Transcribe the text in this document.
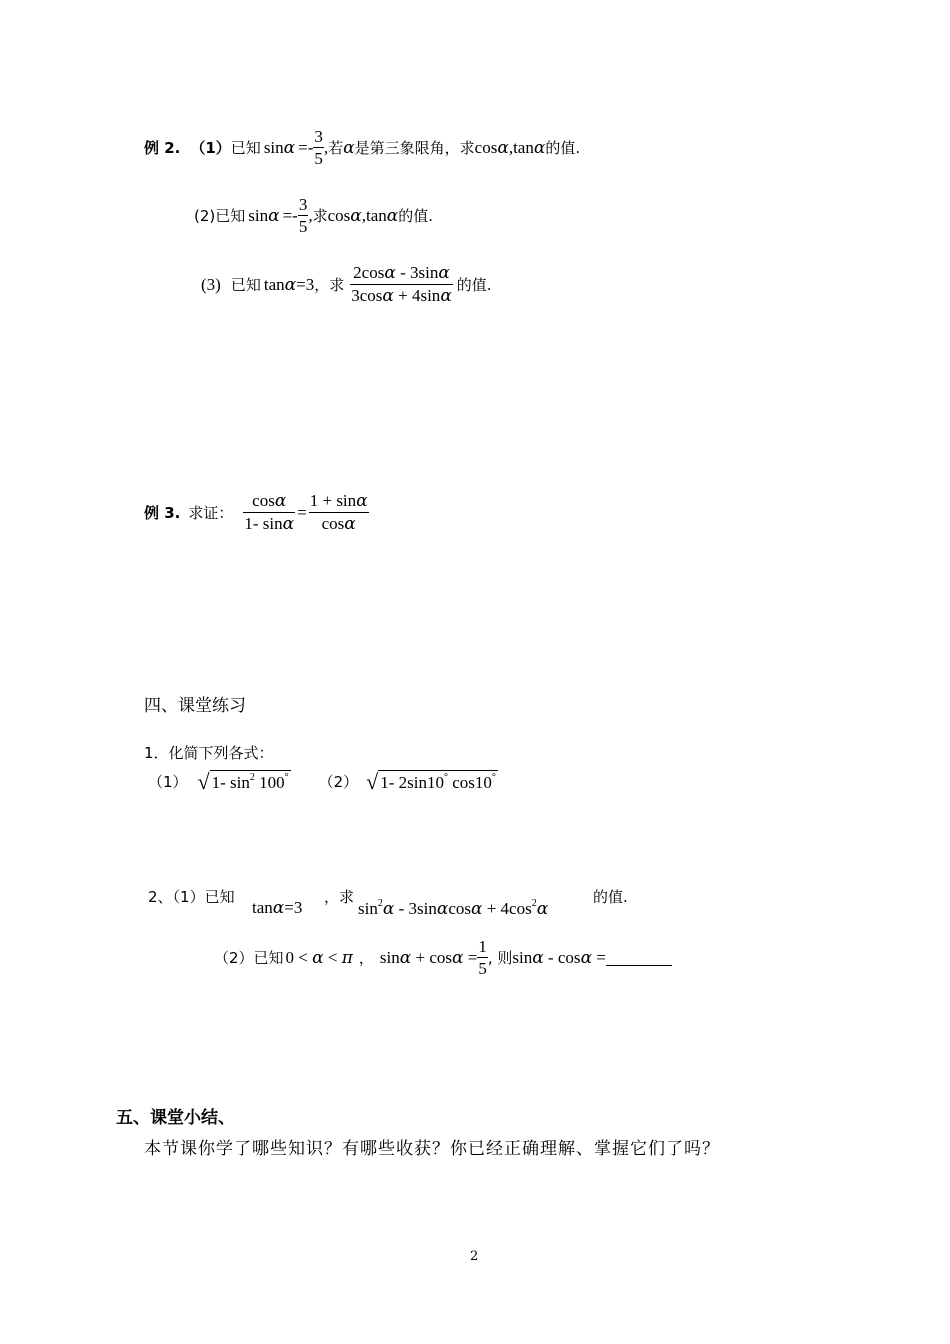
例 2. （1） 已知 $\sin \alpha =- \frac{3}{5}$ , 若 α 是第三象限角，求 cos α , tan α 的值.
(2) 已知 $\sin \alpha =- \frac{3}{5}$ , 求 cos α , tan α 的值.
(3) 已知 tan α =3 ，求 $\frac{2\cos\alpha - 3\sin\alpha}{3\cos\alpha + 4\sin\alpha}$ 的值.
例 3. 求证： $\frac{\cos\alpha}{1- \sin\alpha} = \frac{1 + \sin\alpha}{\cos\alpha}$
四、课堂练习
1．化简下列各式：
（1） √ 1- $\sin^2 100^\circ$ （2） √ 1- 2sin10° cos10°
2、（1）已知
tanα=3
，求
$\sin^2\alpha - 3\sin\alpha\cos\alpha + 4\cos^2\alpha$
的值.
（2）已知 0 < α < π ， $\sin\alpha + \cos\alpha = \frac{1}{5}$ , 则 sinα - cosα =
五、课堂小结、
本节课你学了哪些知识？有哪些收获？你已经正确理解、掌握它们了吗？
2
